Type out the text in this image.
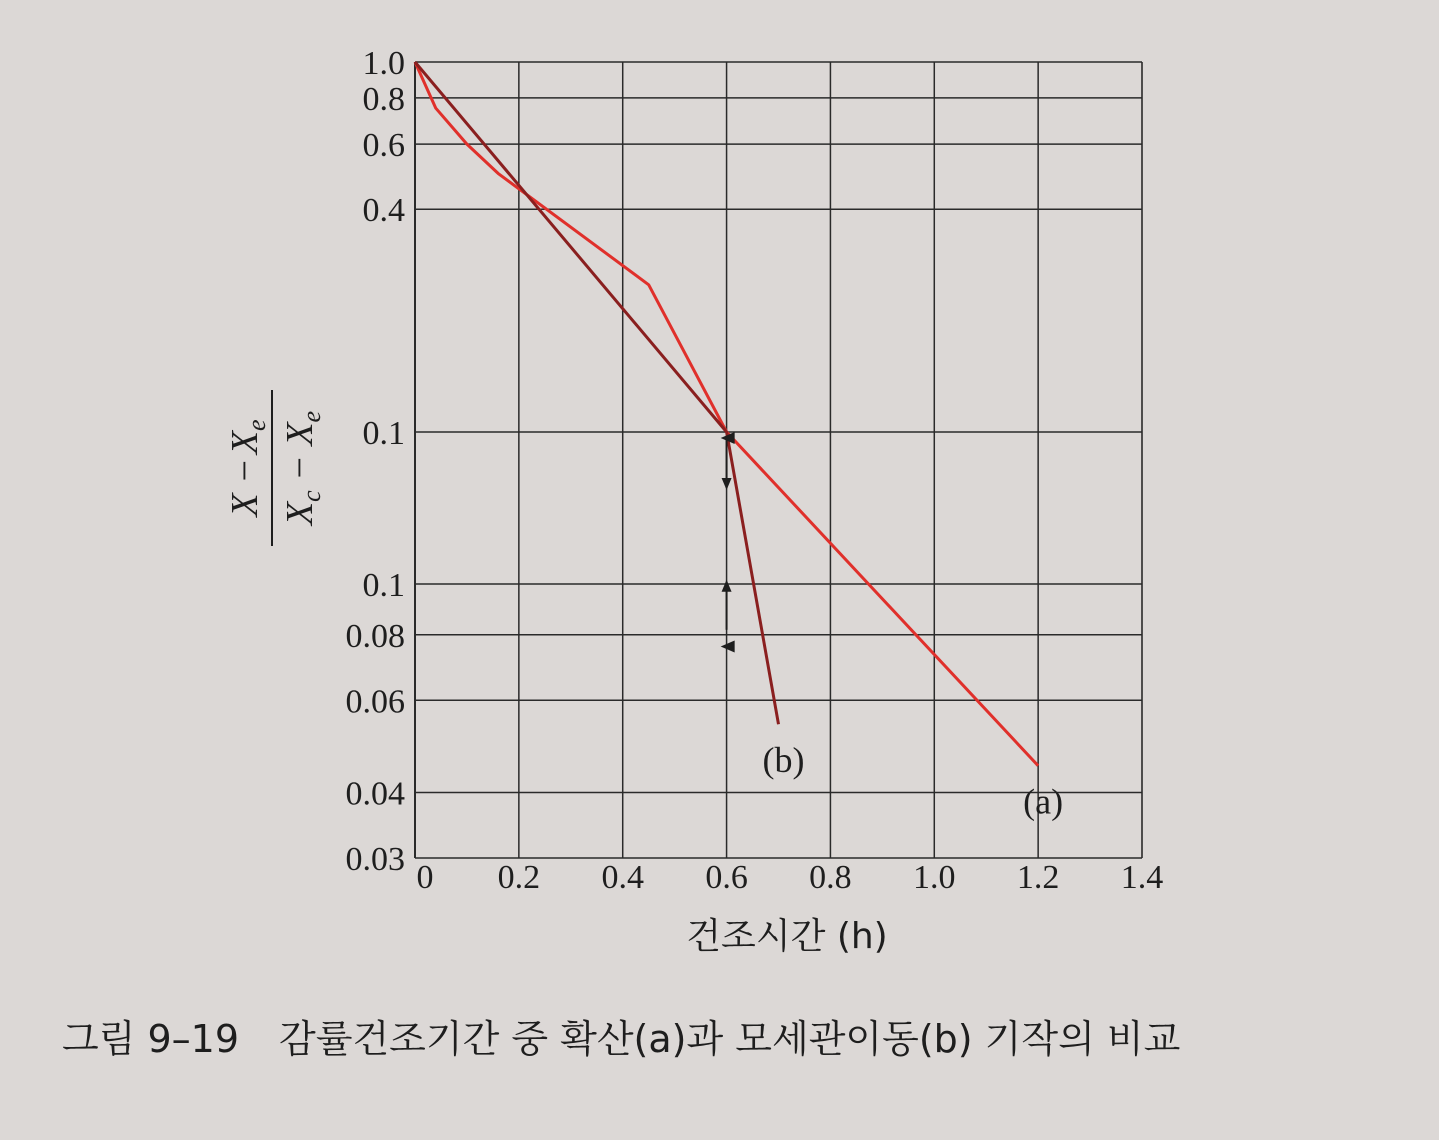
0 0.2 0.4 0.6 0.8 1.0 1.2 1.4
1.0
0.8
0.6
0.4
0.1
0.1
0.08
0.06
0.04
0.03
(a)
(b)
건조시간 (h)
$X -X_e$
$X_c - X_e$
그림 9–19 감률건조기간 중 확산(a)과 모세관이동(b) 기작의 비교
